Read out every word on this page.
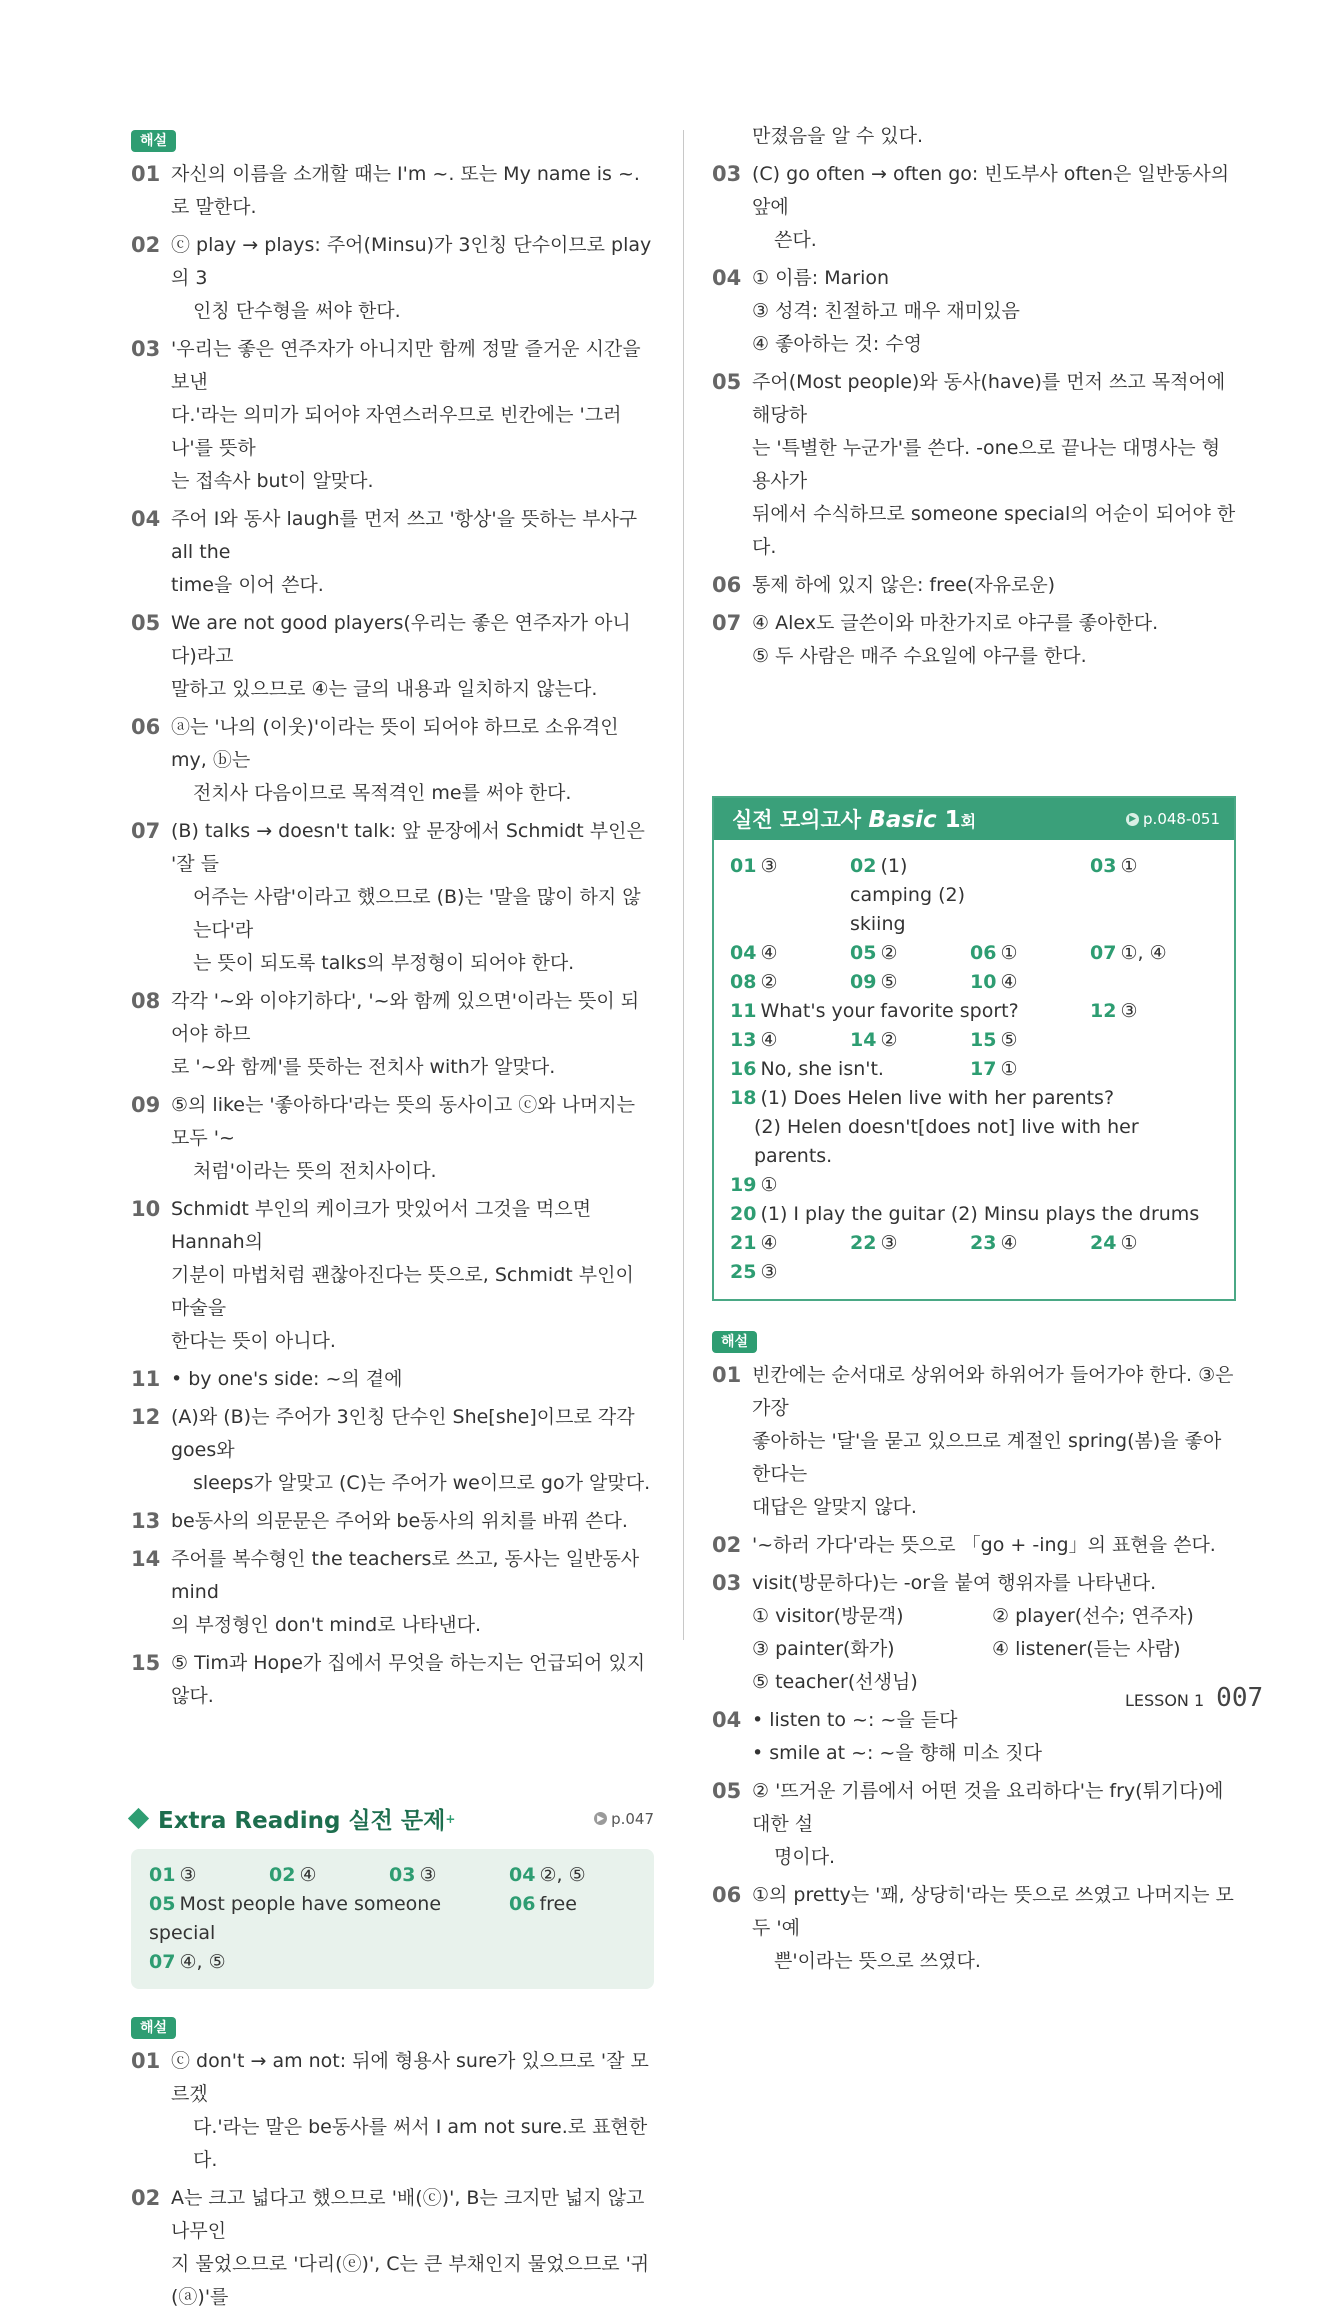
해설
01 자신의 이름을 소개할 때는 I'm ~. 또는 My name is ~.로 말한다.
02 ⓒ play → plays: 주어(Minsu)가 3인칭 단수이므로 play의 3
인칭 단수형을 써야 한다.
03 '우리는 좋은 연주자가 아니지만 함께 정말 즐거운 시간을 보낸
다.'라는 의미가 되어야 자연스러우므로 빈칸에는 '그러나'를 뜻하
는 접속사 but이 알맞다.
04 주어 I와 동사 laugh를 먼저 쓰고 '항상'을 뜻하는 부사구 all the
time을 이어 쓴다.
05 We are not good players(우리는 좋은 연주자가 아니다)라고
말하고 있으므로 ④는 글의 내용과 일치하지 않는다.
06 ⓐ는 '나의 (이웃)'이라는 뜻이 되어야 하므로 소유격인 my, ⓑ는
전치사 다음이므로 목적격인 me를 써야 한다.
07 (B) talks → doesn't talk: 앞 문장에서 Schmidt 부인은 '잘 들
어주는 사람'이라고 했으므로 (B)는 '말을 많이 하지 않는다'라
는 뜻이 되도록 talks의 부정형이 되어야 한다.
08 각각 '~와 이야기하다', '~와 함께 있으면'이라는 뜻이 되어야 하므
로 '~와 함께'를 뜻하는 전치사 with가 알맞다.
09 ⑤의 like는 '좋아하다'라는 뜻의 동사이고 ⓒ와 나머지는 모두 '~
처럼'이라는 뜻의 전치사이다.
10 Schmidt 부인의 케이크가 맛있어서 그것을 먹으면 Hannah의
기분이 마법처럼 괜찮아진다는 뜻으로, Schmidt 부인이 마술을
한다는 뜻이 아니다.
11 • by one's side: ~의 곁에
12 (A)와 (B)는 주어가 3인칭 단수인 She[she]이므로 각각 goes와
sleeps가 알맞고 (C)는 주어가 we이므로 go가 알맞다.
13 be동사의 의문문은 주어와 be동사의 위치를 바꿔 쓴다.
14 주어를 복수형인 the teachers로 쓰고, 동사는 일반동사 mind
의 부정형인 don't mind로 나타낸다.
15 ⑤ Tim과 Hope가 집에서 무엇을 하는지는 언급되어 있지 않다.
Extra Reading 실전 문제 +	▶ p.047
01 ③	02 ④	03 ③	04 ②, ⑤
05 Most people have someone special
06 free
07 ④, ⑤
해설
01 ⓒ don't → am not: 뒤에 형용사 sure가 있으므로 '잘 모르겠
다.'라는 말은 be동사를 써서 I am not sure.로 표현한다.
02 A는 크고 넓다고 했으므로 '배(ⓒ)', B는 크지만 넓지 않고 나무인
지 물었으므로 '다리(ⓔ)', C는 큰 부채인지 물었으므로 '귀(ⓐ)'를
만졌음을 알 수 있다.
03 (C) go often → often go: 빈도부사 often은 일반동사의 앞에
쓴다.
04 ① 이름: Marion
③ 성격: 친절하고 매우 재미있음
④ 좋아하는 것: 수영
05 주어(Most people)와 동사(have)를 먼저 쓰고 목적어에 해당하
는 '특별한 누군가'를 쓴다. -one으로 끝나는 대명사는 형용사가
뒤에서 수식하므로 someone special의 어순이 되어야 한다.
06 통제 하에 있지 않은: free(자유로운)
07 ④ Alex도 글쓴이와 마찬가지로 야구를 좋아한다.
⑤ 두 사람은 매주 수요일에 야구를 한다.
실전 모의고사 Basic 1회	▶ p.048-051
01 ③	02 (1) camping (2) skiing
03 ①
04 ④	05 ②	06 ①	07 ①, ④
08 ②	09 ⑤	10 ④
11 What's your favorite sport?	12 ③
13 ④	14 ②	15 ⑤
16 No, she isn't.	17 ①
18 (1) Does Helen live with her parents?
(2) Helen doesn't[does not] live with her parents.
19 ①
20 (1) I play the guitar (2) Minsu plays the drums
21 ④	22 ③	23 ④	24 ①
25 ③
해설
01 빈칸에는 순서대로 상위어와 하위어가 들어가야 한다. ③은 가장
좋아하는 '달'을 묻고 있으므로 계절인 spring(봄)을 좋아한다는
대답은 알맞지 않다.
02 '~하러 가다'라는 뜻으로 「go + -ing」의 표현을 쓴다.
03 visit(방문하다)는 -or을 붙여 행위자를 나타낸다.
① visitor(방문객)	② player(선수; 연주자)
③ painter(화가)	④ listener(듣는 사람)
⑤ teacher(선생님)
04 • listen to ~: ~을 듣다
• smile at ~: ~을 향해 미소 짓다
05 ② '뜨거운 기름에서 어떤 것을 요리하다'는 fry(튀기다)에 대한 설
명이다.
06 ①의 pretty는 '꽤, 상당히'라는 뜻으로 쓰였고 나머지는 모두 '예
쁜'이라는 뜻으로 쓰였다.
LESSON 1 007
